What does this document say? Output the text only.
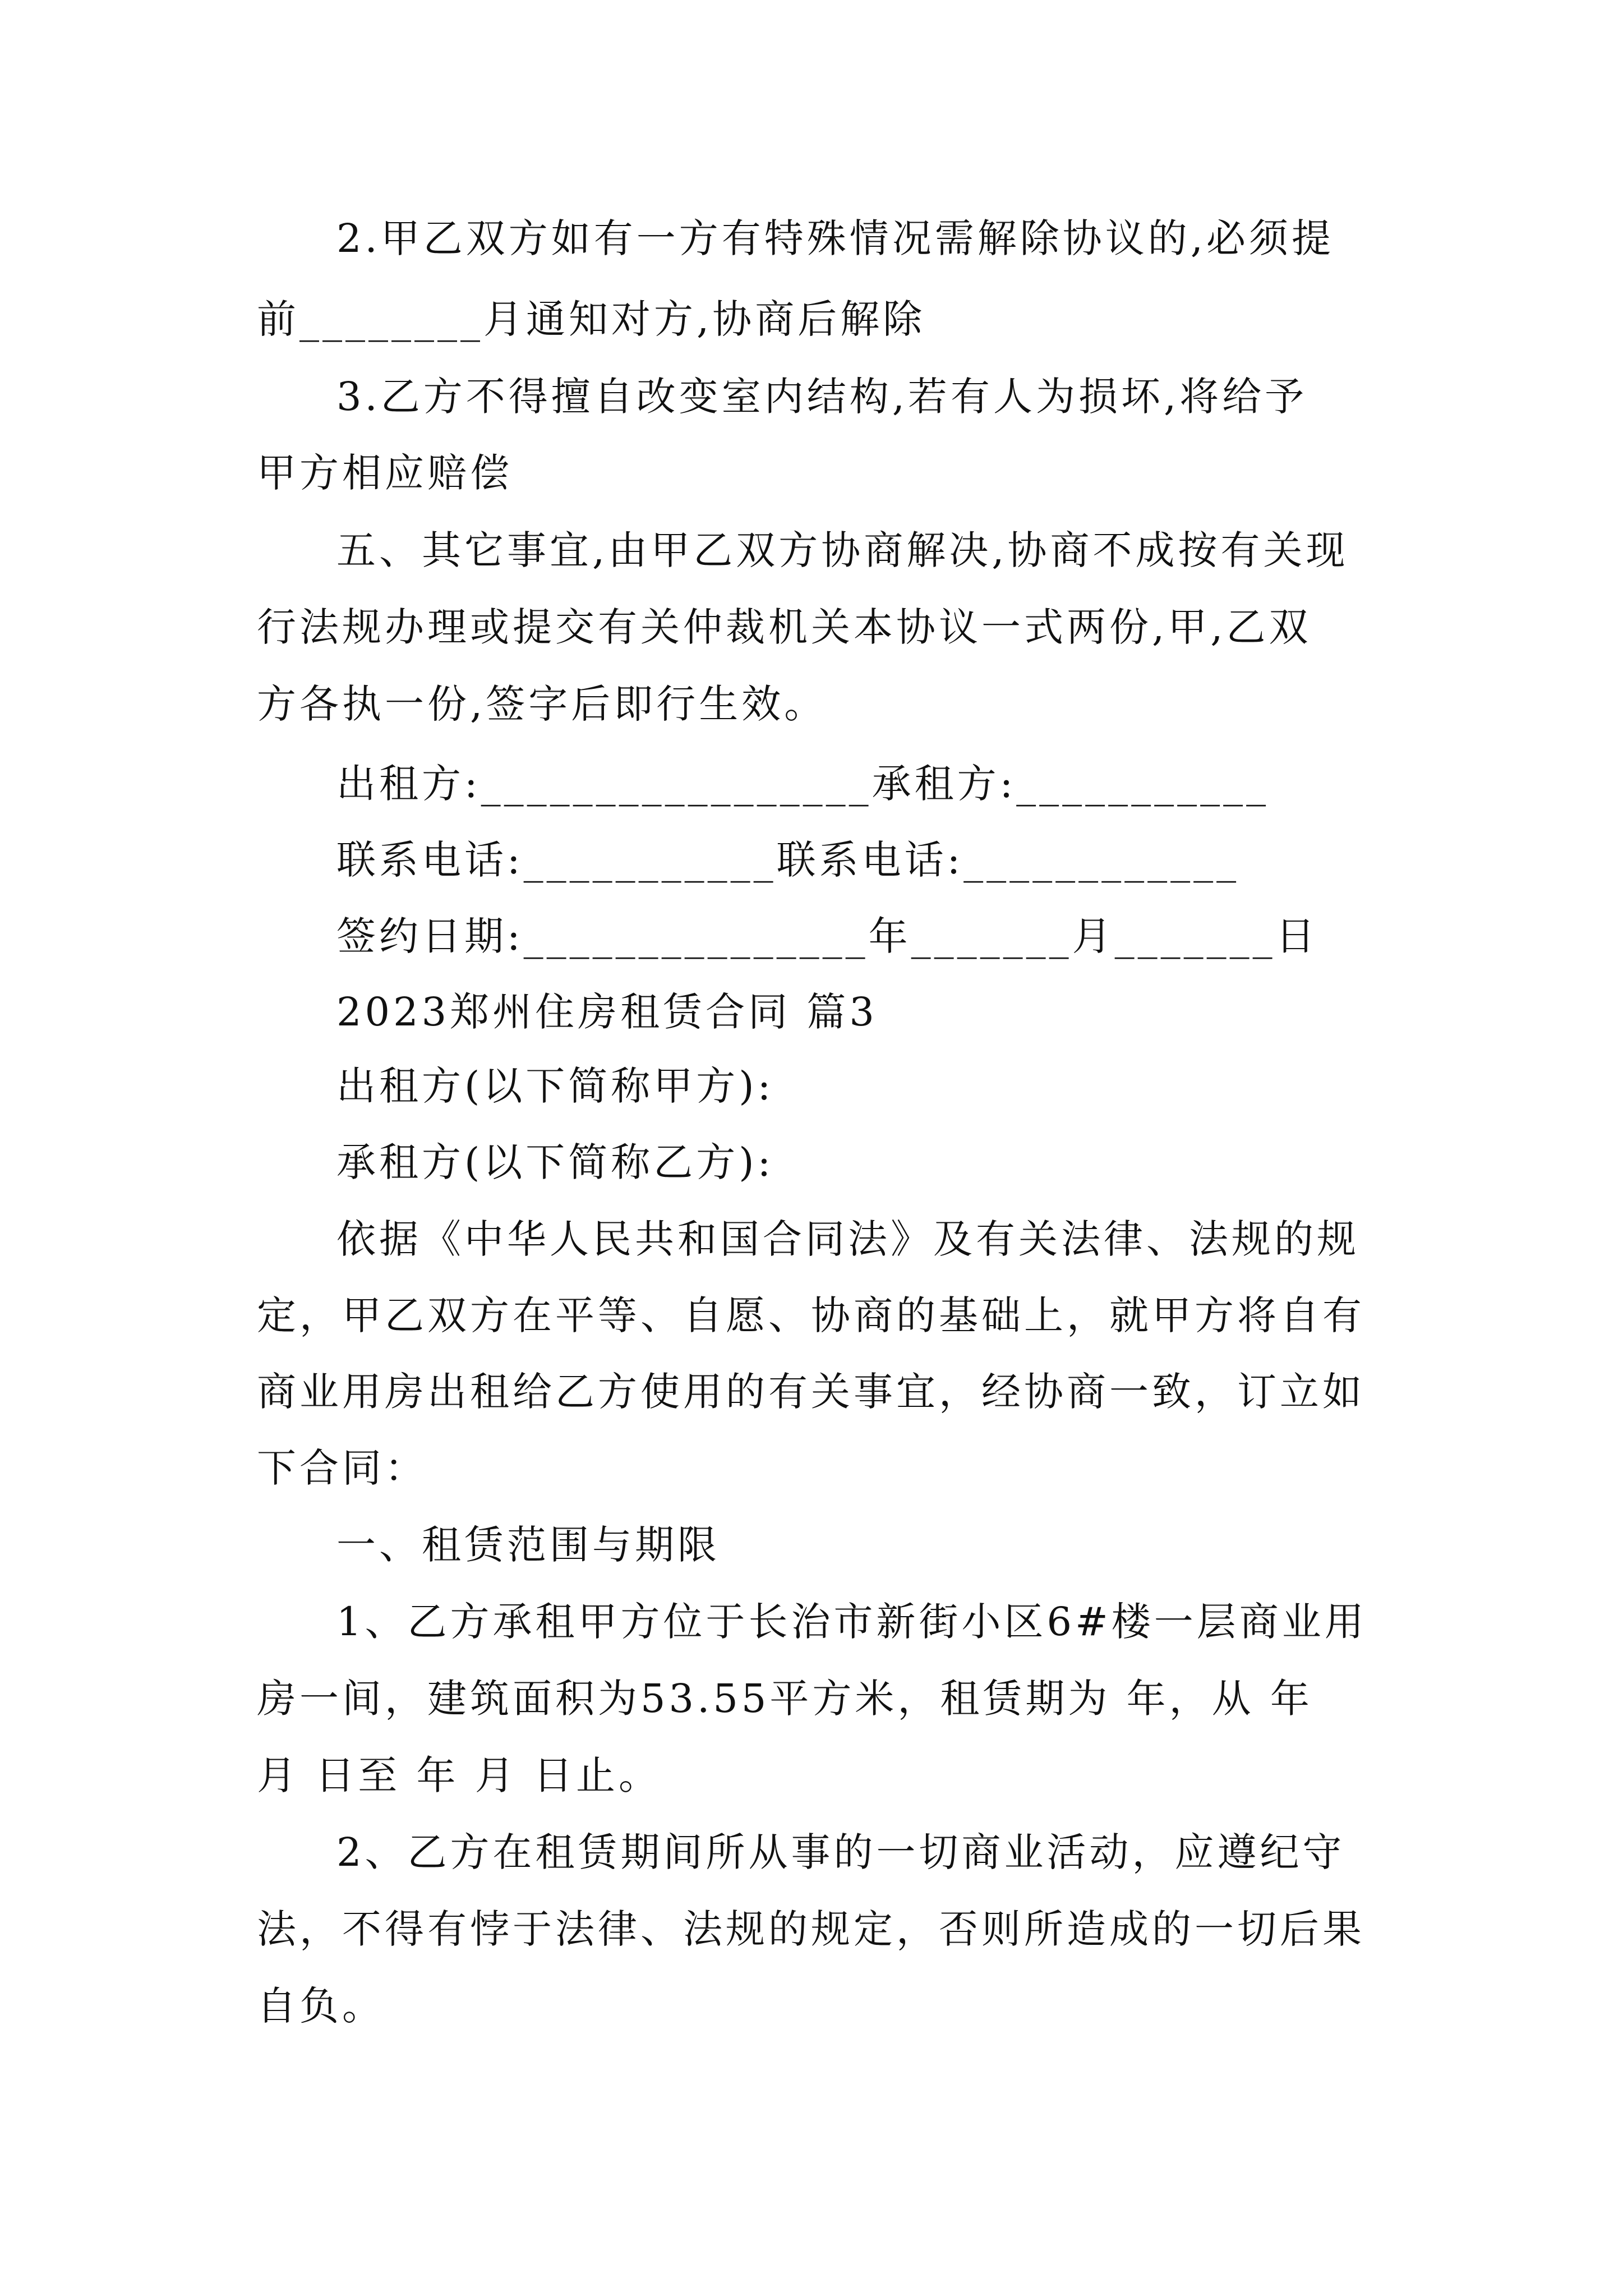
2.甲乙双方如有一方有特殊情况需解除协议的,必须提
前________月通知对方,协商后解除
3.乙方不得擅自改变室内结构,若有人为损坏,将给予
甲方相应赔偿
五、其它事宜,由甲乙双方协商解决,协商不成按有关现
行法规办理或提交有关仲裁机关本协议一式两份,甲,乙双
方各执一份,签字后即行生效。
出租方:_________________承租方:___________
联系电话:___________联系电话:____________
签约日期:_______________年_______月_______日
2023郑州住房租赁合同 篇3
出租方(以下简称甲方):
承租方(以下简称乙方):
依据《中华人民共和国合同法》及有关法律、法规的规
定，甲乙双方在平等、自愿、协商的基础上，就甲方将自有
商业用房出租给乙方使用的有关事宜，经协商一致，订立如
下合同：
一、租赁范围与期限
1、乙方承租甲方位于长治市新街小区6#楼一层商业用
房一间，建筑面积为53.55平方米，租赁期为 年，从 年
月 日至 年 月 日止。
2、乙方在租赁期间所从事的一切商业活动，应遵纪守
法，不得有悖于法律、法规的规定，否则所造成的一切后果
自负。
